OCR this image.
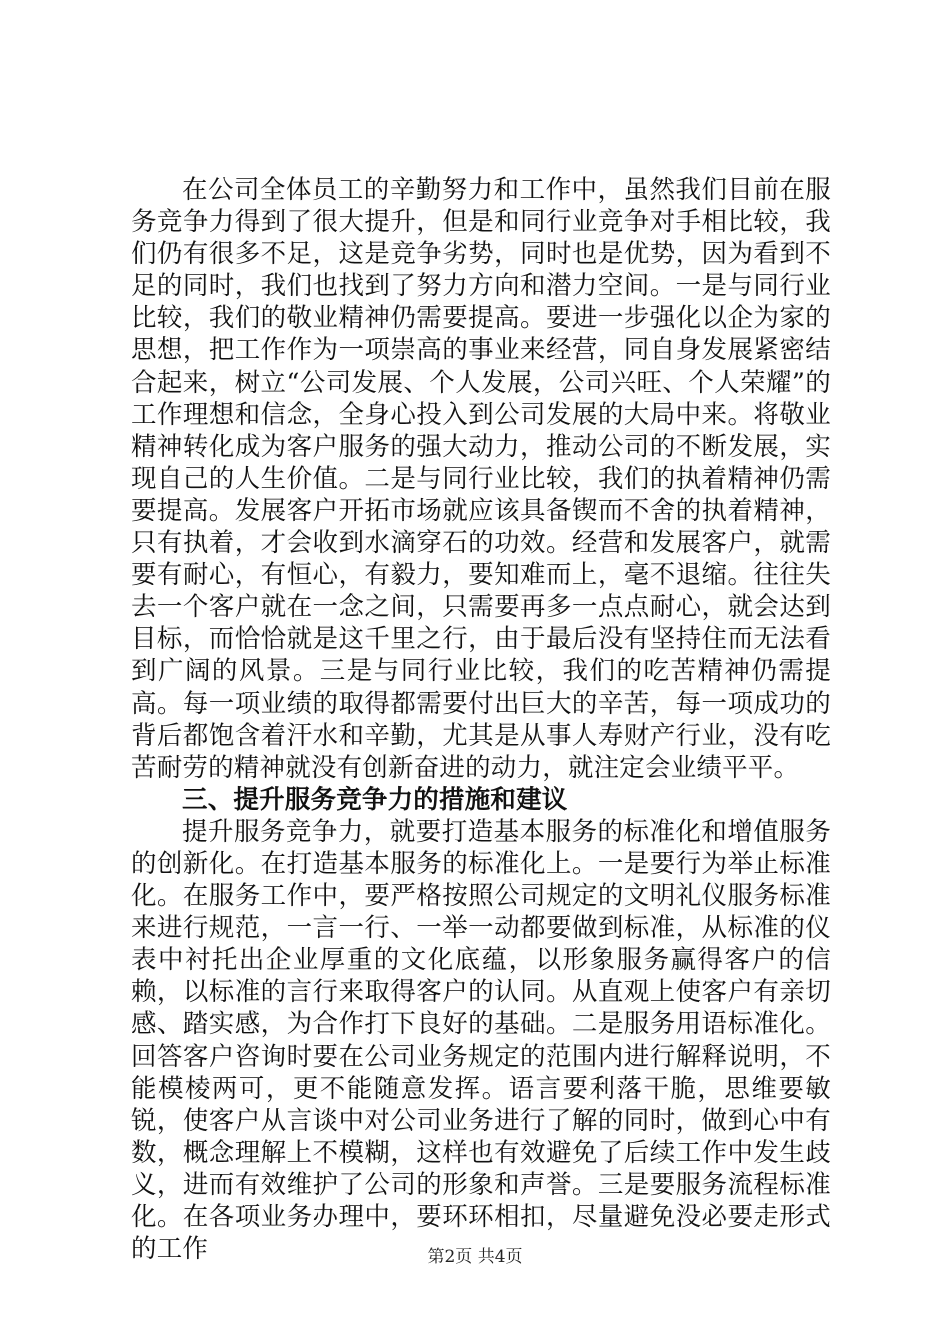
在公司全体员工的辛勤努力和工作中，虽然我们目前在服务竞争力得到了很大提升，但是和同行业竞争对手相比较，我们仍有很多不足，这是竞争劣势，同时也是优势，因为看到不足的同时，我们也找到了努力方向和潜力空间。一是与同行业比较，我们的敬业精神仍需要提高。要进一步强化以企为家的思想，把工作作为一项崇高的事业来经营，同自身发展紧密结合起来，树立“公司发展、个人发展，公司兴旺、个人荣耀”的工作理想和信念，全身心投入到公司发展的大局中来。将敬业精神转化成为客户服务的强大动力，推动公司的不断发展，实现自己的人生价值。二是与同行业比较，我们的执着精神仍需要提高。发展客户开拓市场就应该具备锲而不舍的执着精神，只有执着，才会收到水滴穿石的功效。经营和发展客户，就需要有耐心，有恒心，有毅力，要知难而上，毫不退缩。往往失去一个客户就在一念之间，只需要再多一点点耐心，就会达到目标，而恰恰就是这千里之行，由于最后没有坚持住而无法看到广阔的风景。三是与同行业比较，我们的吃苦精神仍需提高。每一项业绩的取得都需要付出巨大的辛苦，每一项成功的背后都饱含着汗水和辛勤，尤其是从事人寿财产行业，没有吃苦耐劳的精神就没有创新奋进的动力，就注定会业绩平平。

三、提升服务竞争力的措施和建议

提升服务竞争力，就要打造基本服务的标准化和增值服务的创新化。在打造基本服务的标准化上。一是要行为举止标准化。在服务工作中，要严格按照公司规定的文明礼仪服务标准来进行规范，一言一行、一举一动都要做到标准，从标准的仪表中衬托出企业厚重的文化底蕴，以形象服务赢得客户的信赖，以标准的言行来取得客户的认同。从直观上使客户有亲切感、踏实感，为合作打下良好的基础。二是服务用语标准化。回答客户咨询时要在公司业务规定的范围内进行解释说明，不能模棱两可，更不能随意发挥。语言要利落干脆，思维要敏锐，使客户从言谈中对公司业务进行了解的同时，做到心中有数，概念理解上不模糊，这样也有效避免了后续工作中发生歧义，进而有效维护了公司的形象和声誉。三是要服务流程标准化。在各项业务办理中，要环环相扣，尽量避免没必要走形式的工作	第2页 共4页
